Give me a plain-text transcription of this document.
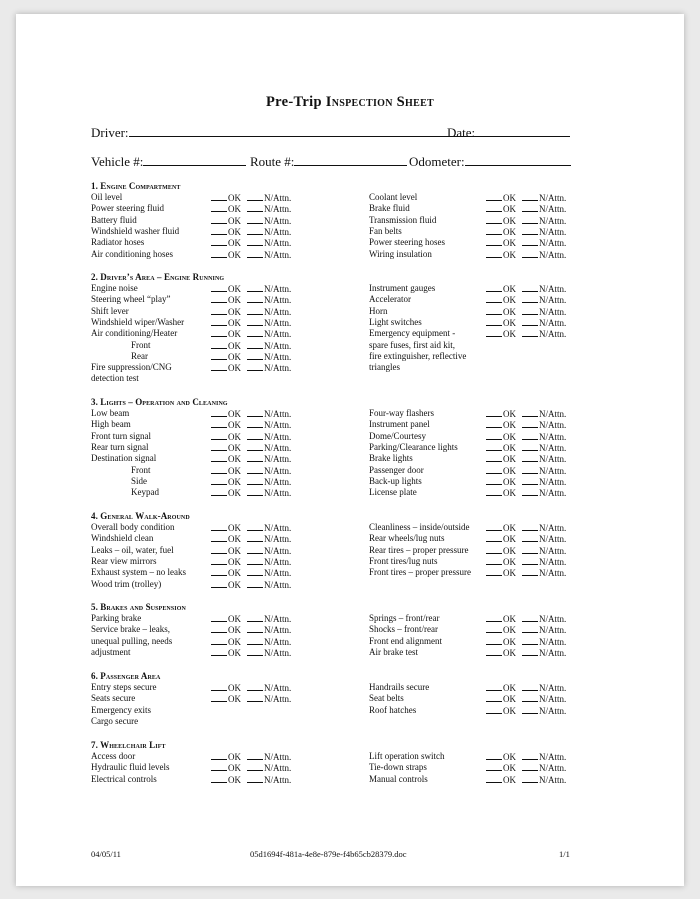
Pre-Trip Inspection Sheet
Driver:	Date:
Vehicle #:	Route #:	Odometer:
1. Engine Compartment
Oil level	OK	N/Attn.
Power steering fluid	OK	N/Attn.
Battery fluid	OK	N/Attn.
Windshield washer fluid	OK	N/Attn.
Radiator hoses	OK	N/Attn.
Air conditioning hoses	OK	N/Attn.
Coolant level	OK	N/Attn.
Brake fluid	OK	N/Attn.
Transmission fluid	OK	N/Attn.
Fan belts	OK	N/Attn.
Power steering hoses	OK	N/Attn.
Wiring insulation	OK	N/Attn.
2. Driver’s Area – Engine Running
Engine noise	OK	N/Attn.
Steering wheel “play”	OK	N/Attn.
Shift lever	OK	N/Attn.
Windshield wiper/Washer	OK	N/Attn.
Air conditioning/Heater	OK	N/Attn.
Front	OK	N/Attn.
Rear	OK	N/Attn.
Fire suppression/CNG	OK	N/Attn.
detection test
Instrument gauges	OK	N/Attn.
Accelerator	OK	N/Attn.
Horn	OK	N/Attn.
Light switches	OK	N/Attn.
Emergency equipment -	OK	N/Attn.
spare fuses, first aid kit,
fire extinguisher, reflective
triangles
3. Lights – Operation and Cleaning
Low beam	OK	N/Attn.
High beam	OK	N/Attn.
Front turn signal	OK	N/Attn.
Rear turn signal	OK	N/Attn.
Destination signal	OK	N/Attn.
Front	OK	N/Attn.
Side	OK	N/Attn.
Keypad	OK	N/Attn.
Four-way flashers	OK	N/Attn.
Instrument panel	OK	N/Attn.
Dome/Courtesy	OK	N/Attn.
Parking/Clearance lights	OK	N/Attn.
Brake lights	OK	N/Attn.
Passenger door	OK	N/Attn.
Back-up lights	OK	N/Attn.
License plate	OK	N/Attn.
4. General Walk-Around
Overall body condition	OK	N/Attn.
Windshield clean	OK	N/Attn.
Leaks – oil, water, fuel	OK	N/Attn.
Rear view mirrors	OK	N/Attn.
Exhaust system – no leaks	OK	N/Attn.
Wood trim (trolley)	OK	N/Attn.
Cleanliness – inside/outside	OK	N/Attn.
Rear wheels/lug nuts	OK	N/Attn.
Rear tires – proper pressure	OK	N/Attn.
Front tires/lug nuts	OK	N/Attn.
Front tires – proper pressure	OK	N/Attn.
5. Brakes and Suspension
Parking brake	OK	N/Attn.
Service brake – leaks,	OK	N/Attn.
unequal pulling, needs	OK	N/Attn.
adjustment	OK	N/Attn.
Springs – front/rear	OK	N/Attn.
Shocks – front/rear	OK	N/Attn.
Front end alignment	OK	N/Attn.
Air brake test	OK	N/Attn.
6. Passenger Area
Entry steps secure	OK	N/Attn.
Seats secure	OK	N/Attn.
Emergency exits
Cargo secure
Handrails secure	OK	N/Attn.
Seat belts	OK	N/Attn.
Roof hatches	OK	N/Attn.
7. Wheelchair Lift
Access door	OK	N/Attn.
Hydraulic fluid levels	OK	N/Attn.
Electrical controls	OK	N/Attn.
Lift operation switch	OK	N/Attn.
Tie-down straps	OK	N/Attn.
Manual controls	OK	N/Attn.
04/05/11	05d1694f-481a-4e8e-879e-f4b65cb28379.doc	1/1
